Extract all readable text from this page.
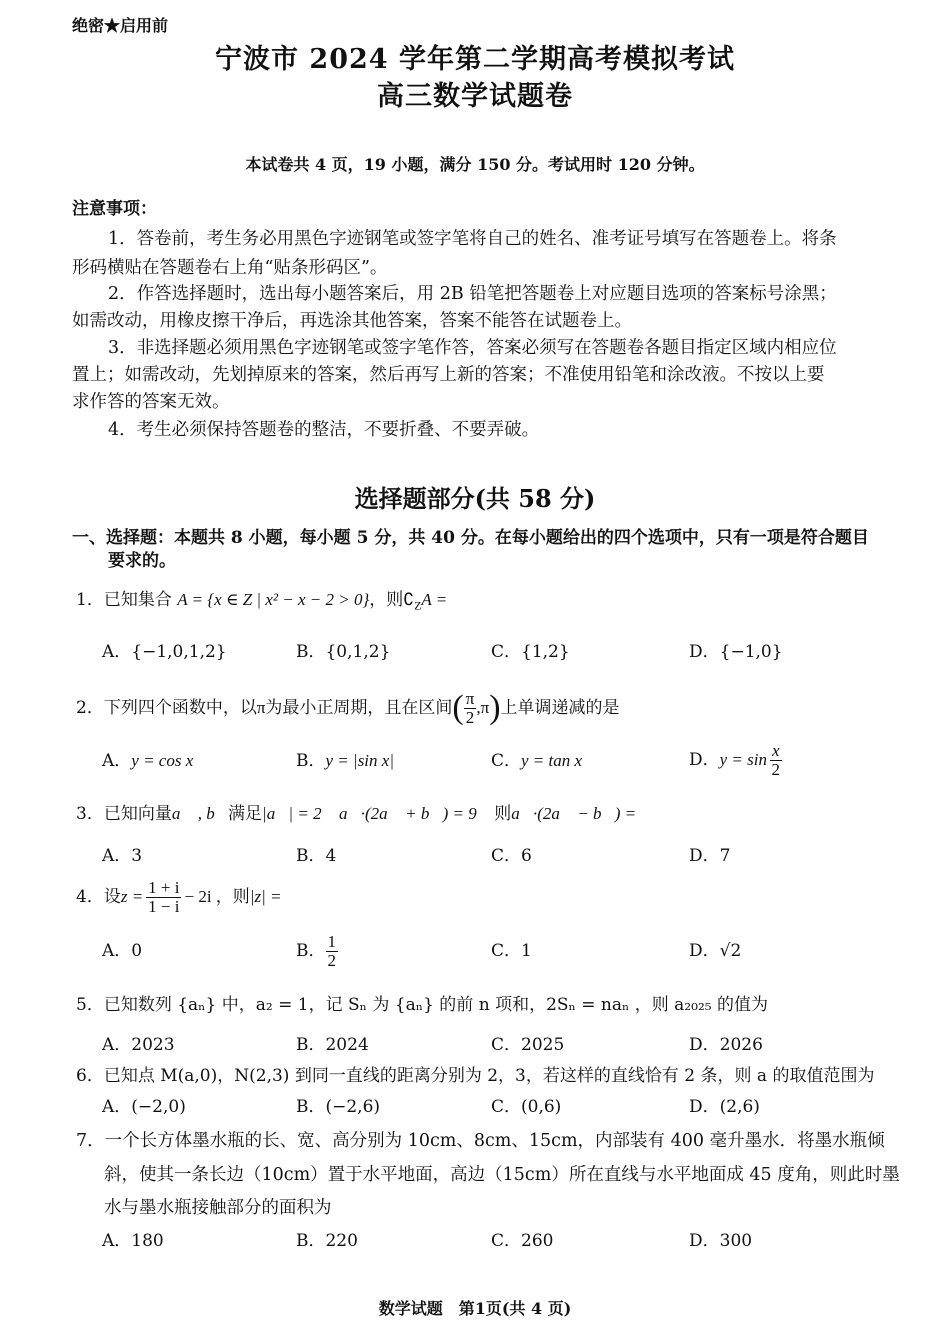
绝密★启用前
宁波市 2024 学年第二学期高考模拟考试
高三数学试题卷
本试卷共 4 页，19 小题，满分 150 分。考试用时 120 分钟。
注意事项：
1．答卷前，考生务必用黑色字迹钢笔或签字笔将自己的姓名、准考证号填写在答题卷上。将条
形码横贴在答题卷右上角“贴条形码区”。
2．作答选择题时，选出每小题答案后，用 2B 铅笔把答题卷上对应题目选项的答案标号涂黑；
如需改动，用橡皮擦干净后，再选涂其他答案，答案不能答在试题卷上。
3．非选择题必须用黑色字迹钢笔或签字笔作答，答案必须写在答题卷各题目指定区域内相应位
置上；如需改动，先划掉原来的答案，然后再写上新的答案；不准使用铅笔和涂改液。不按以上要
求作答的答案无效。
4．考生必须保持答题卷的整洁，不要折叠、不要弄破。
选择题部分(共 58 分)
一、选择题：本题共 8 小题，每小题 5 分，共 40 分。在每小题给出的四个选项中，只有一项是符合题目
要求的。
1．已知集合 A = {x ∈ Z | x² − x − 2 > 0}，则$∁_ZA$ =
A．{−1,0,1,2}	B．{0,1,2}	C．{1,2}	D．{−1,0}
2． 下列四个函数中，以 π 为最小正周期，且在区间 ( $\frac{\pi}{2} ,\pi$ ) 上单调递减的是
A．y = cos x	B．y = |sin x|	C．y = tan x	D． $y = \sin \frac{x}{2}$
3．已知向量a⃗ , b⃗满足|a⃗| = 2 ，a⃗·(2a⃗ + b⃗) = 9 ，则a⃗·(2a⃗ − b⃗) =
A．3	B．4	C．6	D．7
4． 设 $z = \frac{1 + i}{1 - i} - 2i$ ， 则 |z| =
A．0	B． $\frac{1}{2}$	C．1	D．√2
5．已知数列 {aₙ} 中，a₂ = 1，记 Sₙ 为 {aₙ} 的前 n 项和，2Sₙ = naₙ ，则 a₂₀₂₅ 的值为
A．2023	B．2024	C．2025	D．2026
6．已知点 M(a,0)，N(2,3) 到同一直线的距离分别为 2，3，若这样的直线恰有 2 条，则 a 的取值范围为
A．(−2,0)	B．(−2,6)	C．(0,6)	D．(2,6)
7．一个长方体墨水瓶的长、宽、高分别为 10cm、8cm、15cm，内部装有 400 毫升墨水．将墨水瓶倾
斜，使其一条长边（10cm）置于水平地面，高边（15cm）所在直线与水平地面成 45 度角，则此时墨
水与墨水瓶接触部分的面积为
A．180	B．220	C．260	D．300
数学试题　第1页(共 4 页)
